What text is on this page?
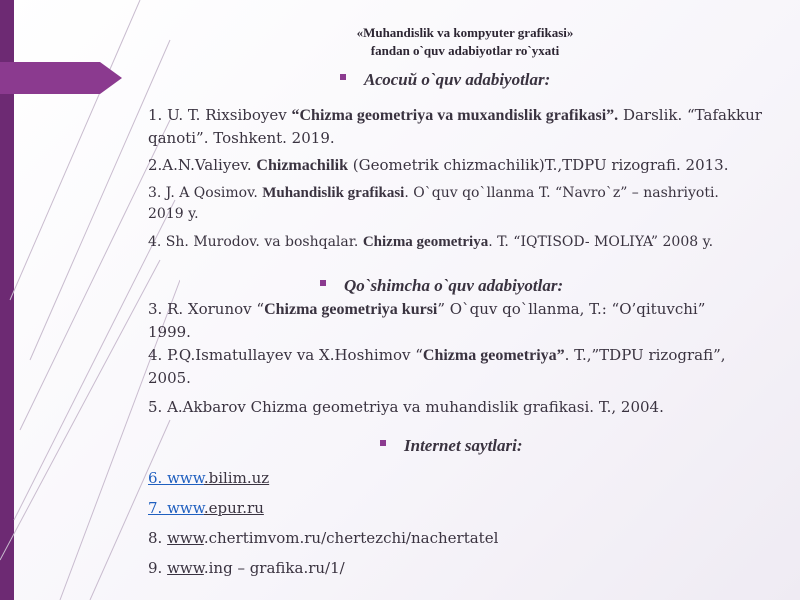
«Muhandislik va kompyuter grafikasi»
fandan o`quv adabiyotlar ro`yxati
Асосий o`quv adabiyotlar:
1. U. T. Rixsiboyev “Chizma geometriya va muxandislik grafikasi”. Darslik. “Tafakkur qanoti”. Toshkent. 2019.
2.A.N.Valiyev. Chizmachilik (Geometrik chizmachilik)T.,TDPU rizografi. 2013.
3. J. A Qosimov. Muhandislik grafikasi. O`quv qo`llanma T. “Navro`z” – nashriyoti. 2019 y.
4. Sh. Murodov. va boshqalar. Chizma geometriya. T. “IQTISOD- MOLIYA” 2008 y.
Qo`shimcha o`quv adabiyotlar:
3. R. Xorunov “Chizma geometriya kursi” O`quv qo`llanma, T.: “O’qituvchi” 1999.
4. P.Q.Ismatullayev va X.Hoshimov “Chizma geometriya”. T.,”TDPU rizografi”, 2005.
5. A.Akbarov Chizma geometriya va muhandislik grafikasi. T., 2004.
Internet saytlari:
6. www.bilim.uz
7. www.epur.ru
8. www.chertimvom.ru/chertezchi/nachertatel
9. www.ing – grafika.ru/1/
